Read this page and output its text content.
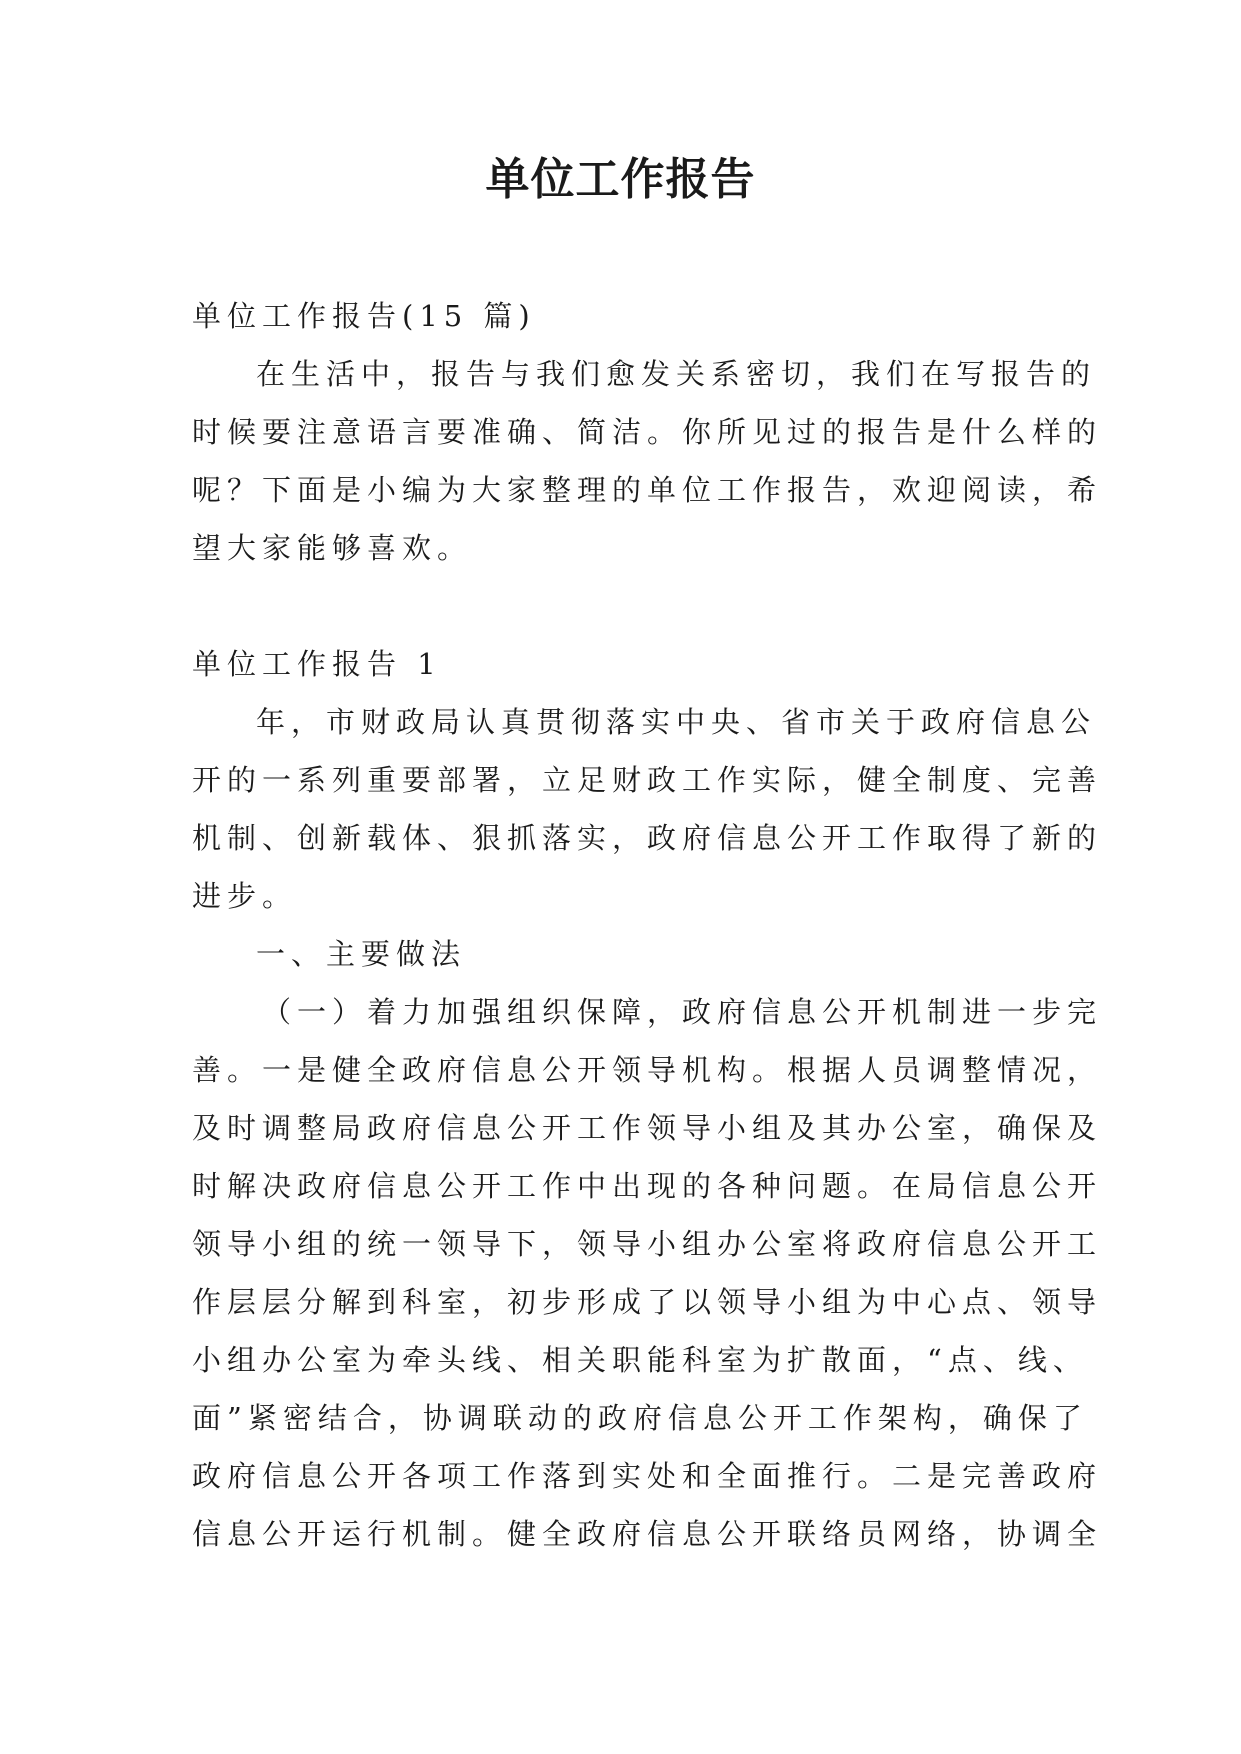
单位工作报告
单位工作报告(15 篇)
在生活中，报告与我们愈发关系密切，我们在写报告的
时候要注意语言要准确、简洁。你所见过的报告是什么样的
呢？下面是小编为大家整理的单位工作报告，欢迎阅读，希
望大家能够喜欢。
单位工作报告 1
年，市财政局认真贯彻落实中央、省市关于政府信息公
开的一系列重要部署，立足财政工作实际，健全制度、完善
机制、创新载体、狠抓落实，政府信息公开工作取得了新的
进步。
一、主要做法
（一）着力加强组织保障，政府信息公开机制进一步完
善。一是健全政府信息公开领导机构。根据人员调整情况，
及时调整局政府信息公开工作领导小组及其办公室，确保及
时解决政府信息公开工作中出现的各种问题。在局信息公开
领导小组的统一领导下，领导小组办公室将政府信息公开工
作层层分解到科室，初步形成了以领导小组为中心点、领导
小组办公室为牵头线、相关职能科室为扩散面，“点、线、
面”紧密结合，协调联动的政府信息公开工作架构，确保了
政府信息公开各项工作落到实处和全面推行。二是完善政府
信息公开运行机制。健全政府信息公开联络员网络，协调全
